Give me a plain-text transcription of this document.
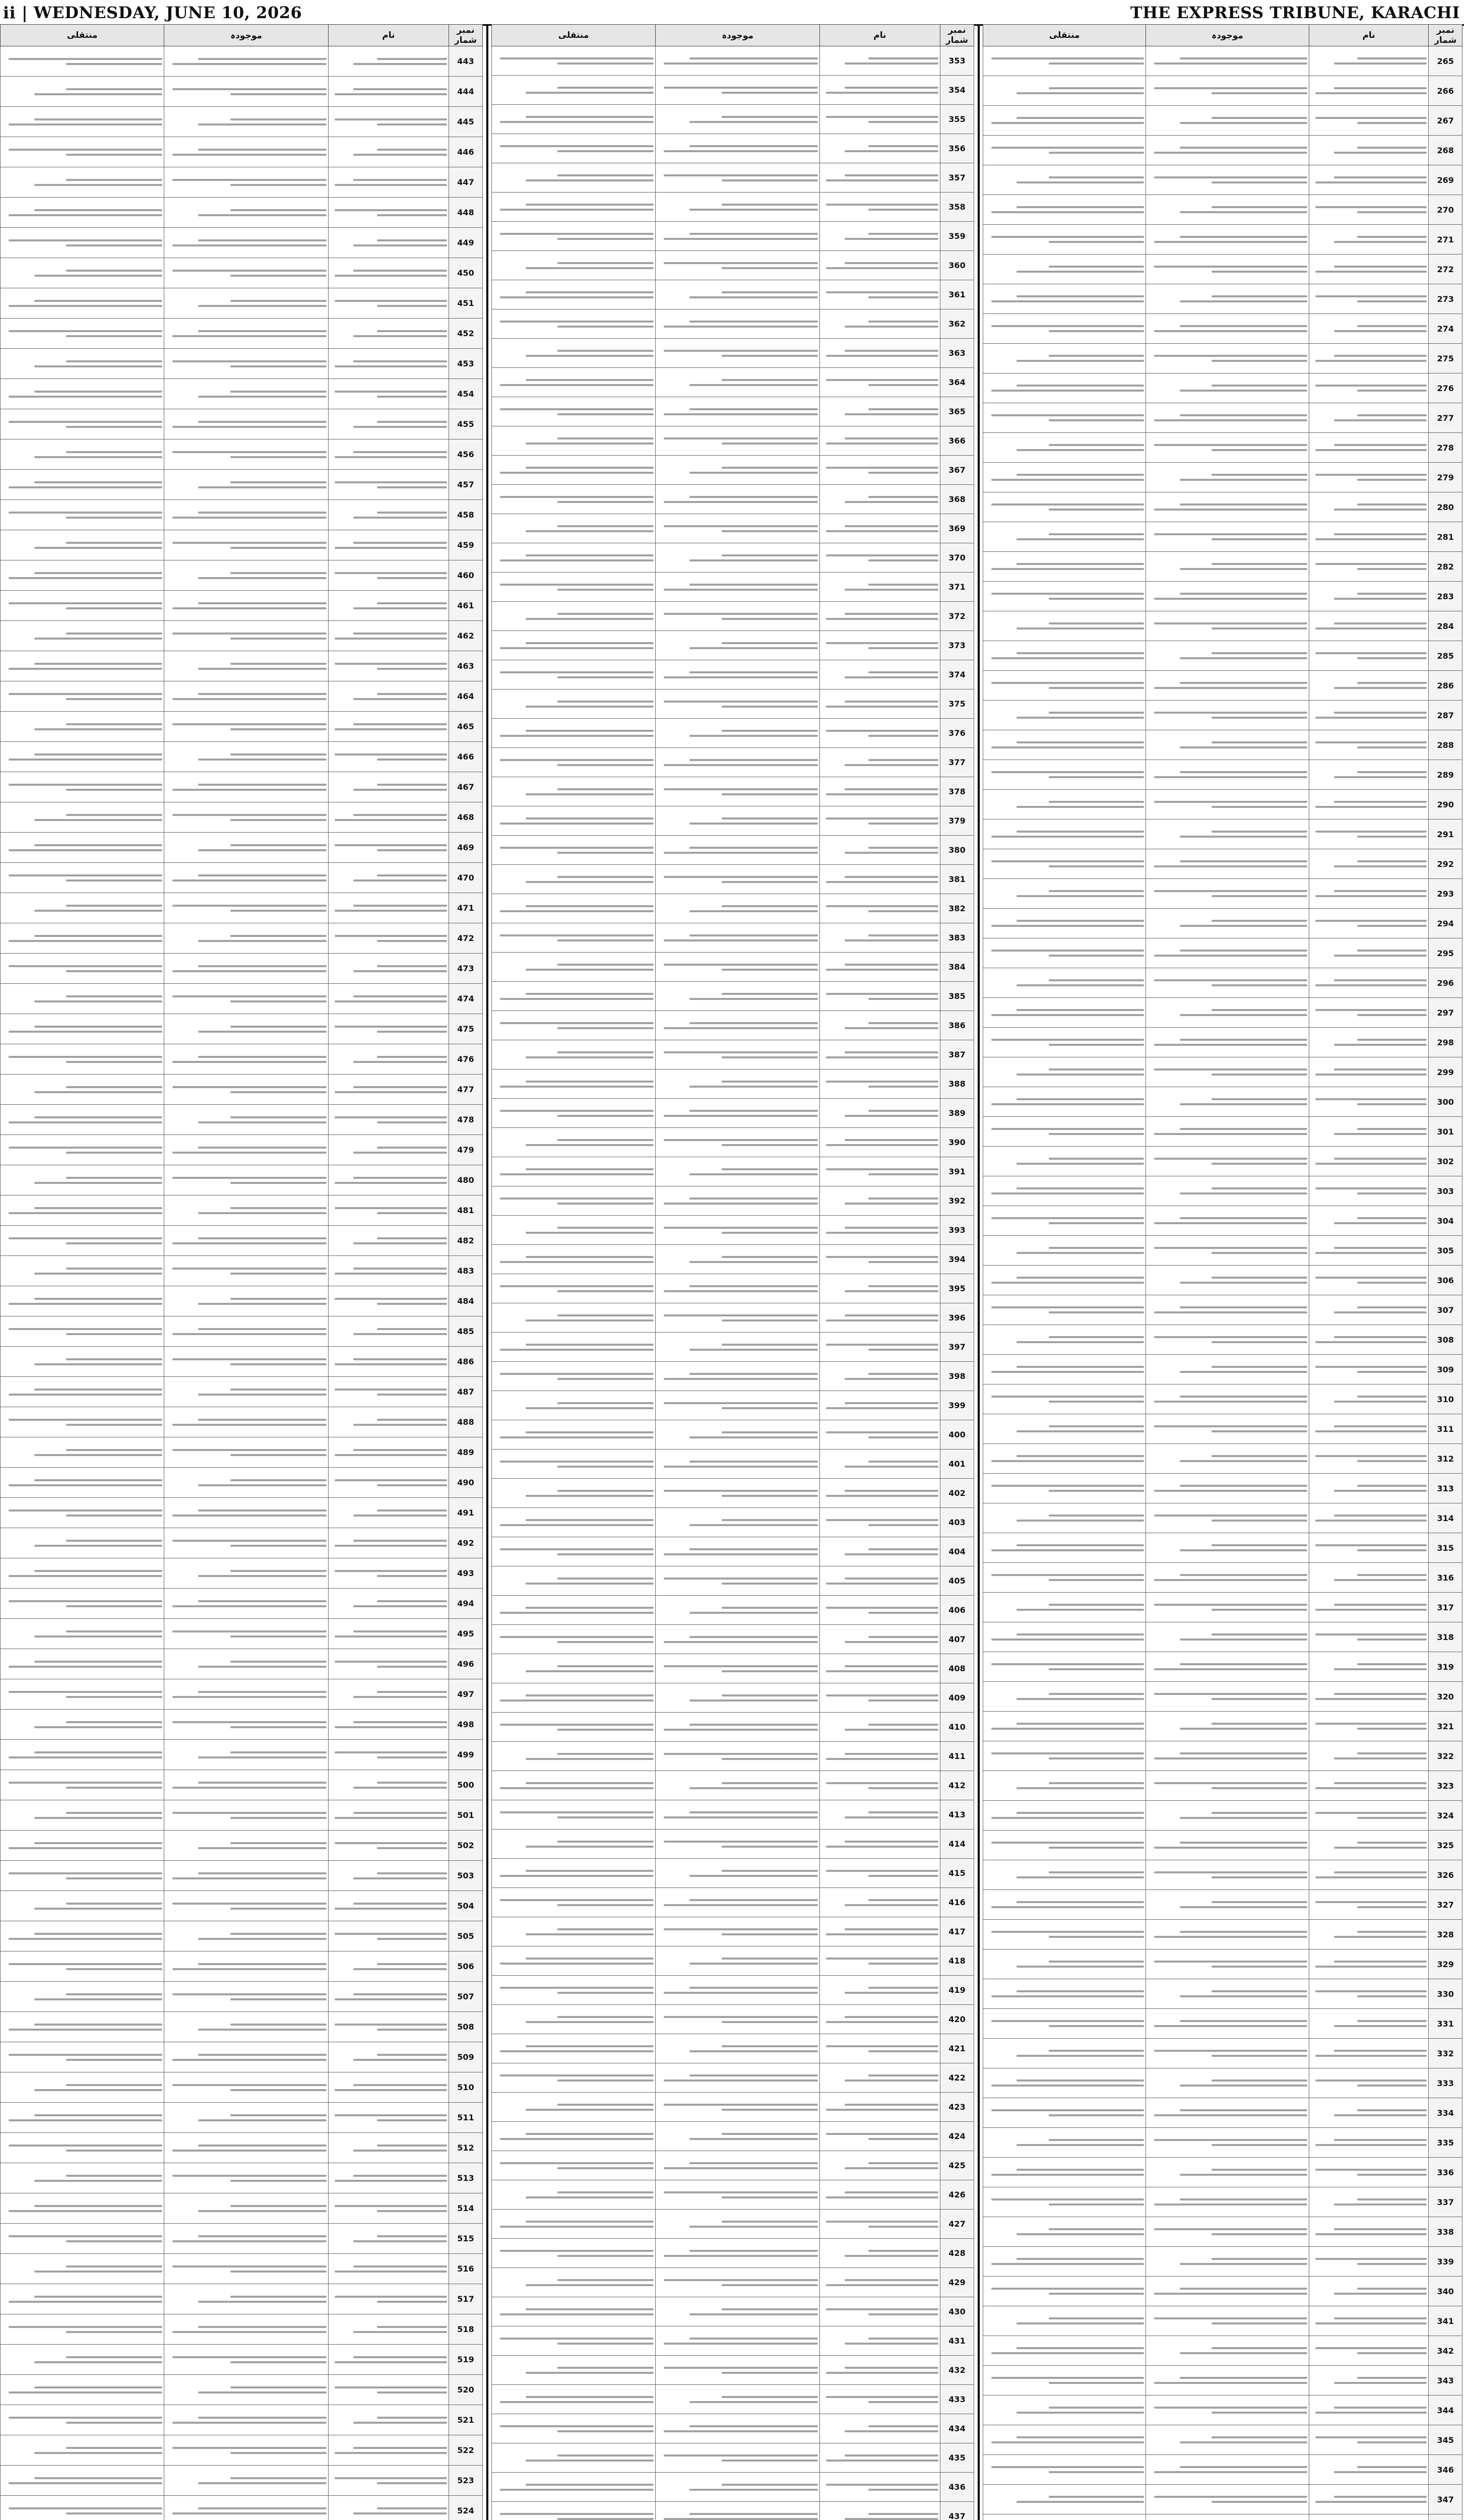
ii | WEDNESDAY, JUNE 10, 2026	THE EXPRESS TRIBUNE, KARACHI
نمبر شمار	نام	موجودہ	منتقلی
265	

266	

267	

268	

269	

270	

271	

272	

273	

274	

275	

276	

277	

278	

279	

280	

281	

282	

283	

284	

285	

286	

287	

288	

289	

290	

291	

292	

293	

294	

295	

296	

297	

298	

299	

300	

301	

302	

303	

304	

305	

306	

307	

308	

309	

310	

311	

312	

313	

314	

315	

316	

317	

318	

319	

320	

321	

322	

323	

324	

325	

326	

327	

328	

329	

330	

331	

332	

333	

334	

335	

336	

337	

338	

339	

340	

341	

342	

343	

344	

345	

346	

347	

نمبر شمار	نام	موجودہ	منتقلی
353	

354	

355	

356	

357	

358	

359	

360	

361	

362	

363	

364	

365	

366	

367	

368	

369	

370	

371	

372	

373	

374	

375	

376	

377	

378	

379	

380	

381	

382	

383	

384	

385	

386	

387	

388	

389	

390	

391	

392	

393	

394	

395	

396	

397	

398	

399	

400	

401	

402	

403	

404	

405	

406	

407	

408	

409	

410	

411	

412	

413	

414	

415	

416	

417	

418	

419	

420	

421	

422	

423	

424	

425	

426	

427	

428	

429	

430	

431	

432	

433	

434	

435	

436	

437	

نمبر شمار	نام	موجودہ	منتقلی
443	

444	

445	

446	

447	

448	

449	

450	

451	

452	

453	

454	

455	

456	

457	

458	

459	

460	

461	

462	

463	

464	

465	

466	

467	

468	

469	

470	

471	

472	

473	

474	

475	

476	

477	

478	

479	

480	

481	

482	

483	

484	

485	

486	

487	

488	

489	

490	

491	

492	

493	

494	

495	

496	

497	

498	

499	

500	

501	

502	

503	

504	

505	

506	

507	

508	

509	

510	

511	

512	

513	

514	

515	

516	

517	

518	

519	

520	

521	

522	

523	

524	
